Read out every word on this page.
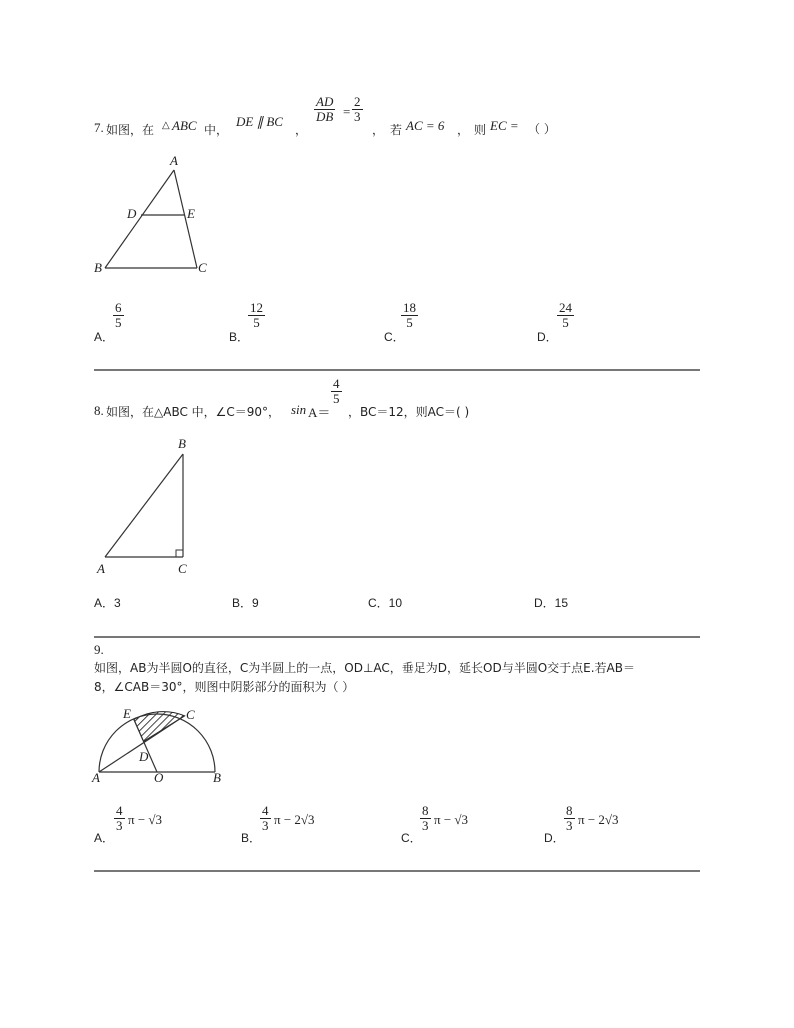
7. 如图，在 △ ABC 中，
DE ∥ BC
，
$\frac{AD}{DB} = \frac{2}{3}$
， 若 AC = 6 ， 则 EC = （ ）
A
D	E
B	C
A．
$\frac{6}{5}$
B．
$\frac{12}{5}$
C．
$\frac{18}{5}$
D．
$\frac{24}{5}$
8. 如图，在△ABC 中，∠C＝90°， sin A＝
$\frac{4}{5}$
，BC＝12，则AC＝( )
B
A	C
A．3	B．9	C．10	D．15
9.
如图，AB为半圆O的直径，C为半圆上的一点，OD⊥AC，垂足为D，延长OD与半圆O交于点E.若AB＝
8，∠CAB＝30°，则图中阴影部分的面积为（ ）
E	C
D
A	O	B
A．
$\frac{4}{3}$ π − √3
B．
$\frac{4}{3}$ π − 2√3
C．
$\frac{8}{3}$ π − √3
D．
$\frac{8}{3}$ π − 2√3
